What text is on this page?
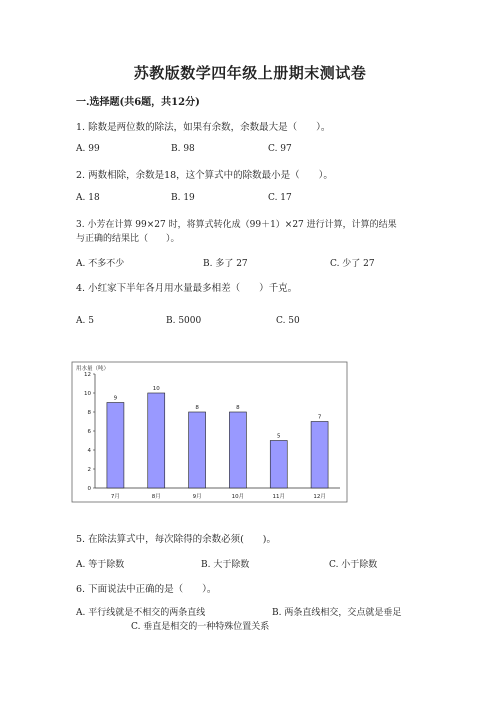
苏教版数学四年级上册期末测试卷
一.选择题(共6题，共12分)
1. 除数是两位数的除法，如果有余数，余数最大是（　　）。
A. 99	B. 98	C. 97
2. 两数相除，余数是18，这个算式中的除数最小是（　　）。
A. 18	B. 19	C. 17
3. 小芳在计算 99×27 时，将算式转化成（99＋1）×27 进行计算，计算的结果
与正确的结果比（　　）。
A. 不多不少	B. 多了 27	C. 少了 27
4. 小红家下半年各月用水量最多相差（　　）千克。
A. 5	B. 5000	C. 50
用水量（吨）
0
2
4
6
8
10
12
9
7月
10
8月
8
9月
8
10月
5
11月
7
12月
5. 在除法算式中，每次除得的余数必须(　　)。
A. 等于除数	B. 大于除数	C. 小于除数
6. 下面说法中正确的是（　　）。
A. 平行线就是不相交的两条直线	B. 两条直线相交，交点就是垂足
C. 垂直是相交的一种特殊位置关系
